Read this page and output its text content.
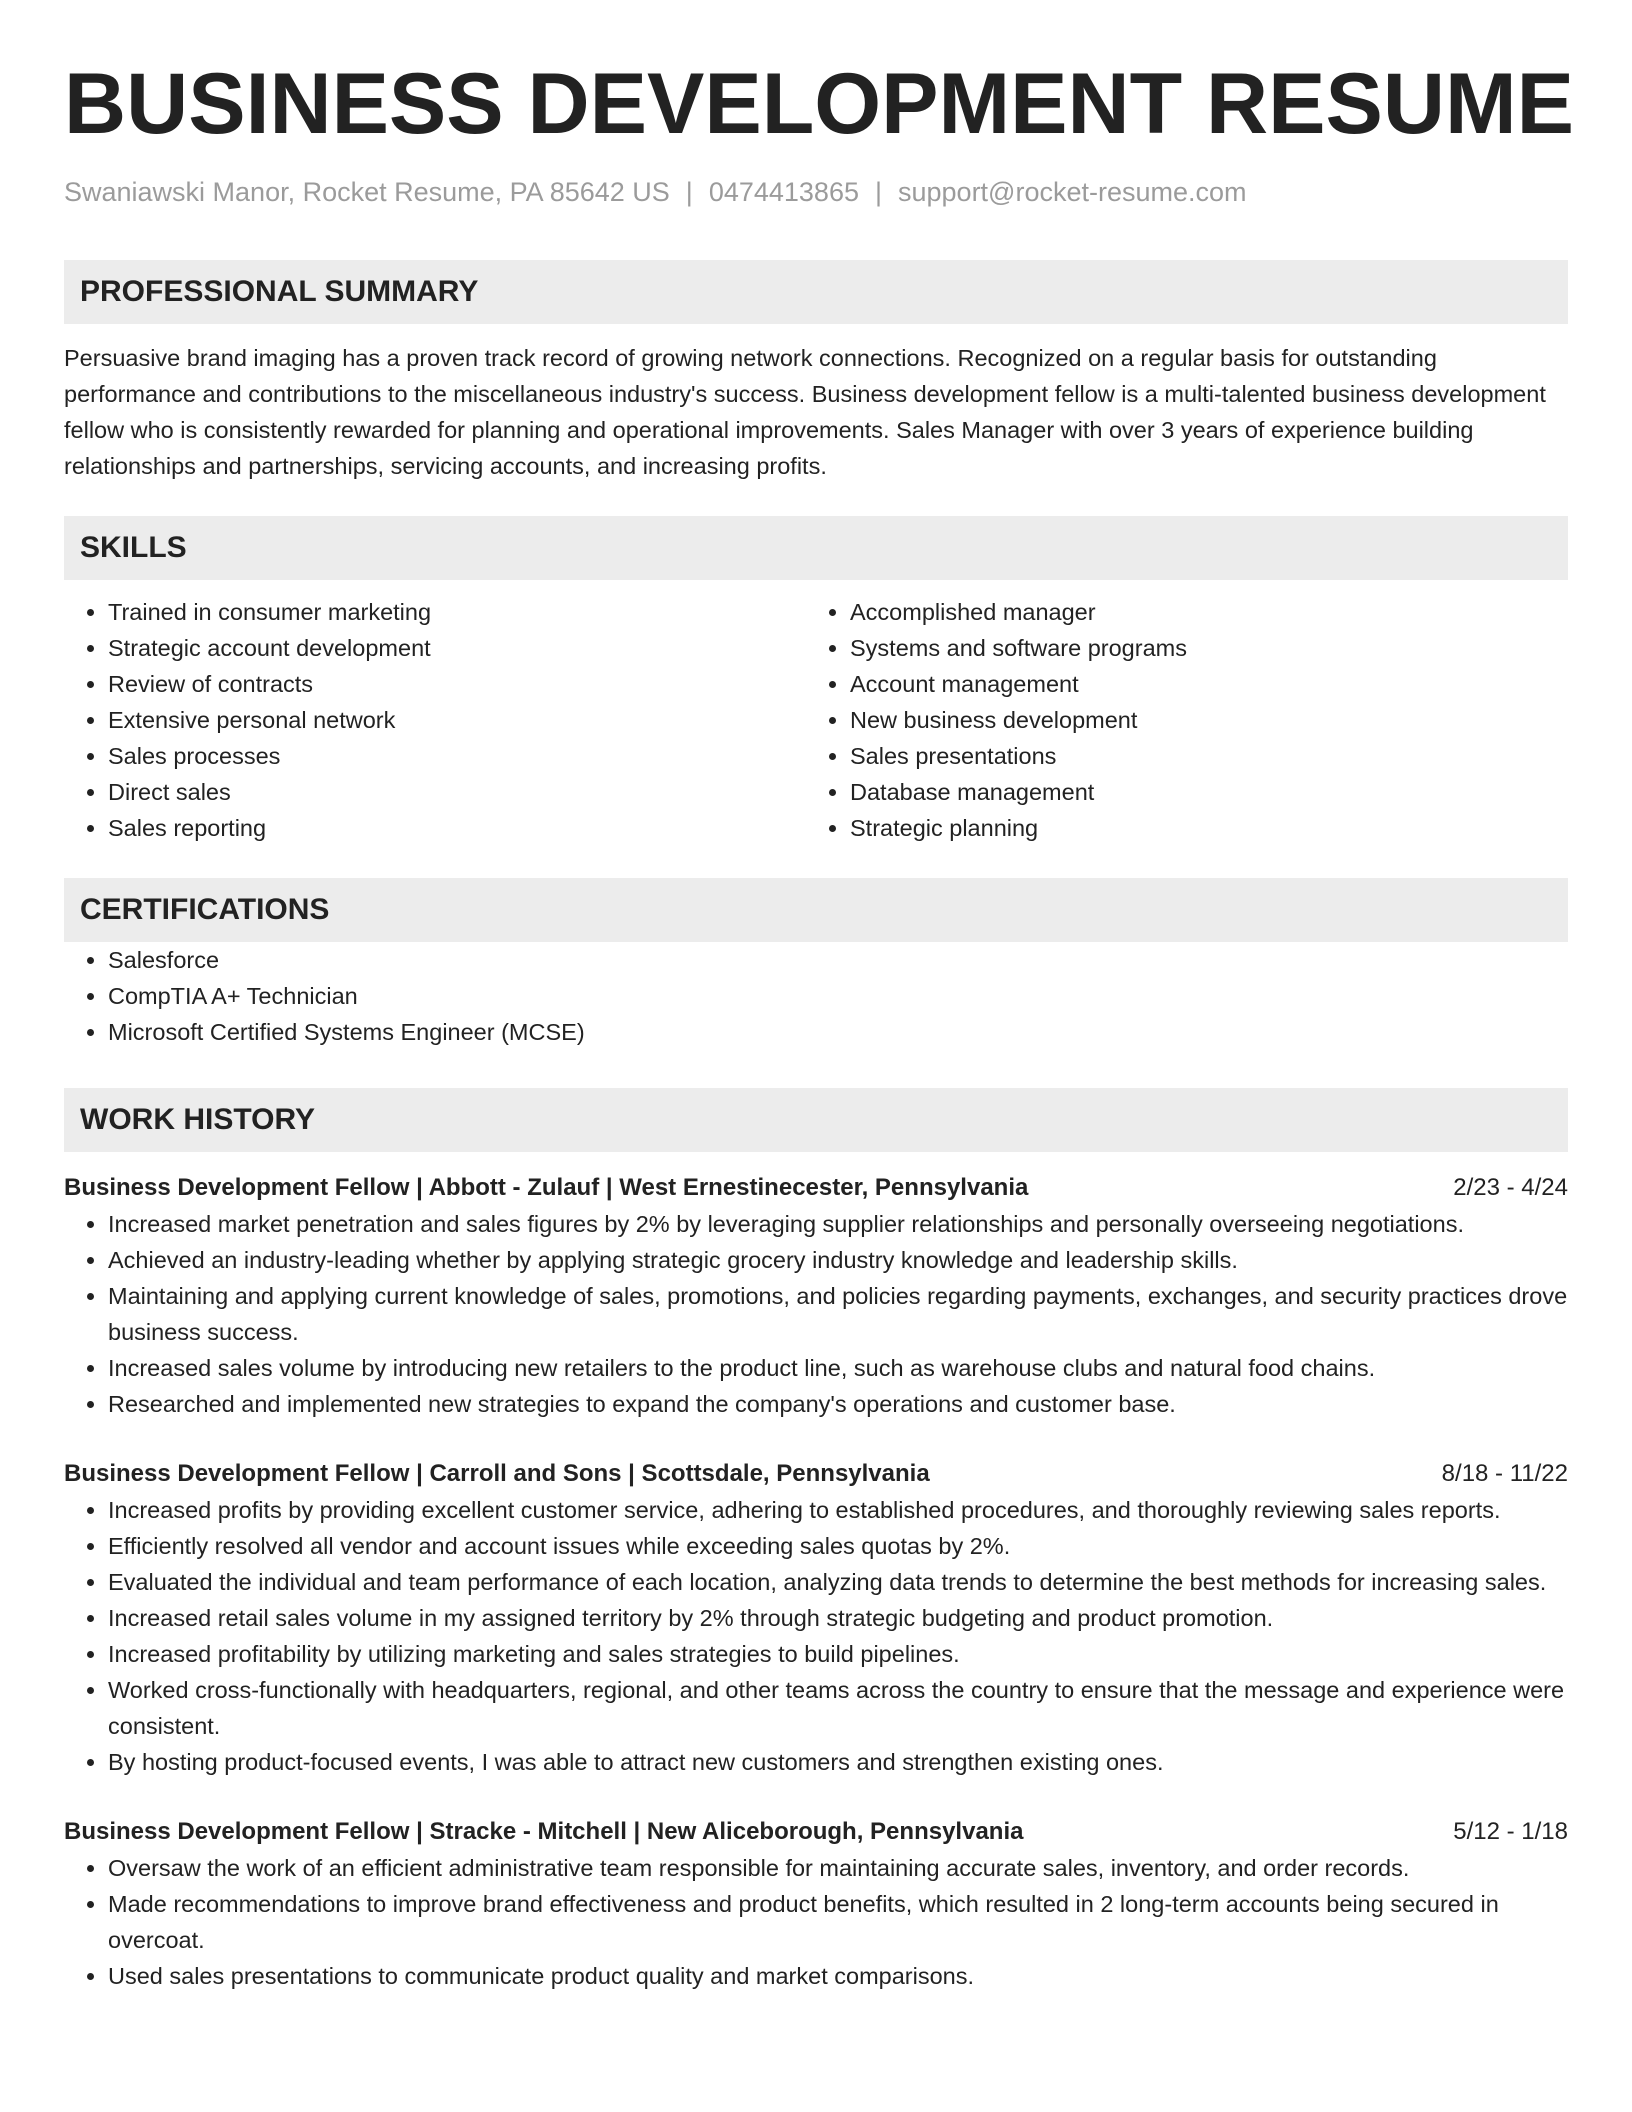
BUSINESS DEVELOPMENT RESUME
Swaniawski Manor, Rocket Resume, PA 85642 US | 0474413865 | support@rocket-resume.com
PROFESSIONAL SUMMARY

Persuasive brand imaging has a proven track record of growing network connections. Recognized on a regular basis for outstanding performance and contributions to the miscellaneous industry's success. Business development fellow is a multi-talented business development fellow who is consistently rewarded for planning and operational improvements. Sales Manager with over 3 years of experience building relationships and partnerships, servicing accounts, and increasing profits.

SKILLS
• Trained in consumer marketing
• Strategic account development
• Review of contracts
• Extensive personal network
• Sales processes
• Direct sales
• Sales reporting
• Accomplished manager
• Systems and software programs
• Account management
• New business development
• Sales presentations
• Database management
• Strategic planning
CERTIFICATIONS
• Salesforce
• CompTIA A+ Technician
• Microsoft Certified Systems Engineer (MCSE)
WORK HISTORY
Business Development Fellow | Abbott - Zulauf | West Ernestinecester, Pennsylvania	2/23 - 4/24
• Increased market penetration and sales figures by 2% by leveraging supplier relationships and personally overseeing negotiations.
• Achieved an industry-leading whether by applying strategic grocery industry knowledge and leadership skills.
• Maintaining and applying current knowledge of sales, promotions, and policies regarding payments, exchanges, and security practices drove business success.
• Increased sales volume by introducing new retailers to the product line, such as warehouse clubs and natural food chains.
• Researched and implemented new strategies to expand the company's operations and customer base.
Business Development Fellow | Carroll and Sons | Scottsdale, Pennsylvania	8/18 - 11/22
• Increased profits by providing excellent customer service, adhering to established procedures, and thoroughly reviewing sales reports.
• Efficiently resolved all vendor and account issues while exceeding sales quotas by 2%.
• Evaluated the individual and team performance of each location, analyzing data trends to determine the best methods for increasing sales.
• Increased retail sales volume in my assigned territory by 2% through strategic budgeting and product promotion.
• Increased profitability by utilizing marketing and sales strategies to build pipelines.
• Worked cross-functionally with headquarters, regional, and other teams across the country to ensure that the message and experience were consistent.
• By hosting product-focused events, I was able to attract new customers and strengthen existing ones.
Business Development Fellow | Stracke - Mitchell | New Aliceborough, Pennsylvania	5/12 - 1/18
• Oversaw the work of an efficient administrative team responsible for maintaining accurate sales, inventory, and order records.
• Made recommendations to improve brand effectiveness and product benefits, which resulted in 2 long-term accounts being secured in overcoat.
• Used sales presentations to communicate product quality and market comparisons.
